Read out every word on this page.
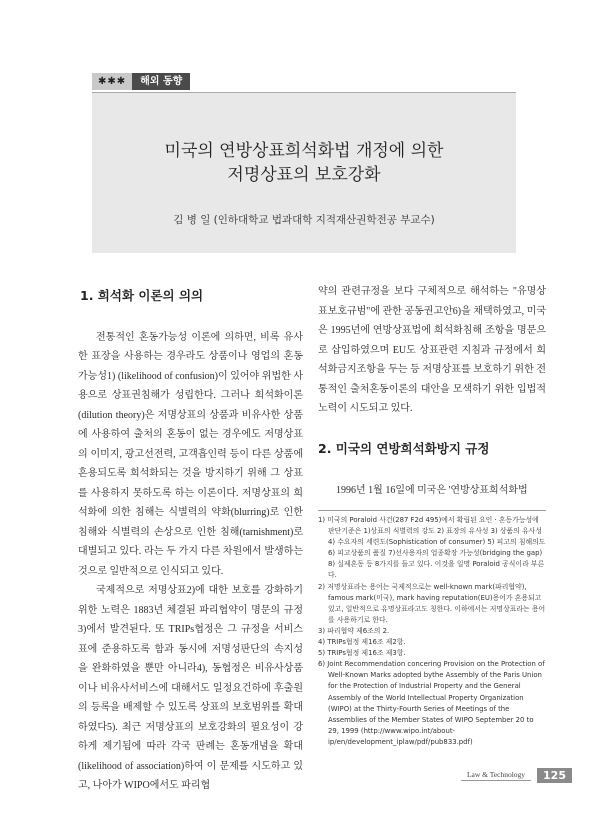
✱✱✱	해외 동향
미국의 연방상표희석화법 개정에 의한
저명상표의 보호강화
김 병 일 (인하대학교 법과대학 지적재산권학전공 부교수)
1. 희석화 이론의 의의

전통적인 혼동가능성 이론에 의하면, 비록 유사한 표장을 사용하는 경우라도 상품이나 영업의 혼동가능성1) (likelihood of confusion)이 있어야 위법한 사용으로 상표권침해가 성립한다. 그러나 희석화이론(dilution theory)은 저명상표의 상품과 비유사한 상품에 사용하여 출처의 혼동이 없는 경우에도 저명상표의 이미지, 광고선전력, 고객흡인력 등이 다른 상품에 흔용되도록 희석화되는 것을 방지하기 위해 그 상표를 사용하지 못하도록 하는 이론이다. 저명상표의 희석화에 의한 침해는 식별력의 약화(blurring)로 인한 침해와 식별력의 손상으로 인한 침해(tarnishment)로 대별되고 있다. 라는 두 가지 다른 차원에서 발생하는 것으로 일반적으로 인식되고 있다.

국제적으로 저명상표2)에 대한 보호를 강화하기 위한 노력은 1883년 체결된 파리협약이 명문의 규정3)에서 발견된다. 또 TRIPs협정은 그 규정을 서비스표에 준용하도록 함과 동시에 저명성판단의 속지성을 완화하였을 뿐만 아니라4), 동협정은 비유사상품이나 비유사서비스에 대해서도 일정요건하에 후출원의 등록을 배제할 수 있도록 상표의 보호범위를 확대하였다5). 최근 저명상표의 보호강화의 필요성이 강하게 제기됨에 따라 각국 판례는 혼동개념을 확대(likelihood of association)하여 이 문제를 시도하고 있고, 나아가 WIPO에서도 파리협

약의 관련규정을 보다 구체적으로 해석하는 "유명상표보호규범"에 관한 공동권고안6)을 채택하였고, 미국은 1995년에 연방상표법에 희석화침해 조항을 명문으로 삽입하였으며 EU도 상표관련 지침과 규정에서 희석화금지조항을 두는 등 저명상표를 보호하기 위한 전통적인 출처혼동이론의 대안을 모색하기 위한 입법적 노력이 시도되고 있다.

2. 미국의 연방희석화방지 규정

1996년 1월 16일에 미국은 '연방상표희석화법

1) 미국의 Poraloid 사건(287 F2d 495)에서 확립된 요인 · 혼동가능성에 판단기준은 1)상표의 식별력의 강도 2) 표장의 유사성 3) 상품의 유사성 4) 수요자의 세련도(Sophistication of consumer) 5) 피고의 침해의도 6) 피고상품의 품질 7)선사용자의 업종확장 가능성(bridging the gap) 8) 실제혼동 등 8가지를 들고 있다. 이것을 일명 Poraloid 공식이라 부른다.
2) 저명상표라는 용어는 국제적으로는 well-known mark(파리협약), famous mark(미국), mark having reputation(EU)용어가 혼용되고 있고, 일반적으로 유명상표라고도 칭한다. 이하에서는 저명상표라는 용어를 사용하기로 한다.
3) 파리협약 제6조의 2.
4) TRIPs협정 제16조 제2항.
5) TRIPs협정 제16조 제3항.
6) Joint Recommendation concering Provision on the Protection of Well-Known Marks adopted bythe Assembly of the Paris Union for the Protection of Industrial Property and the General Assembly of the World Intellectual Property Organization (WIPO) at the Thirty-Fourth Series of Meetings of the Assemblies of the Member States of WIPO September 20 to 29, 1999 (http://www.wipo.int/about-ip/en/development_iplaw/pdf/pub833.pdf)
Law & Technology	125
